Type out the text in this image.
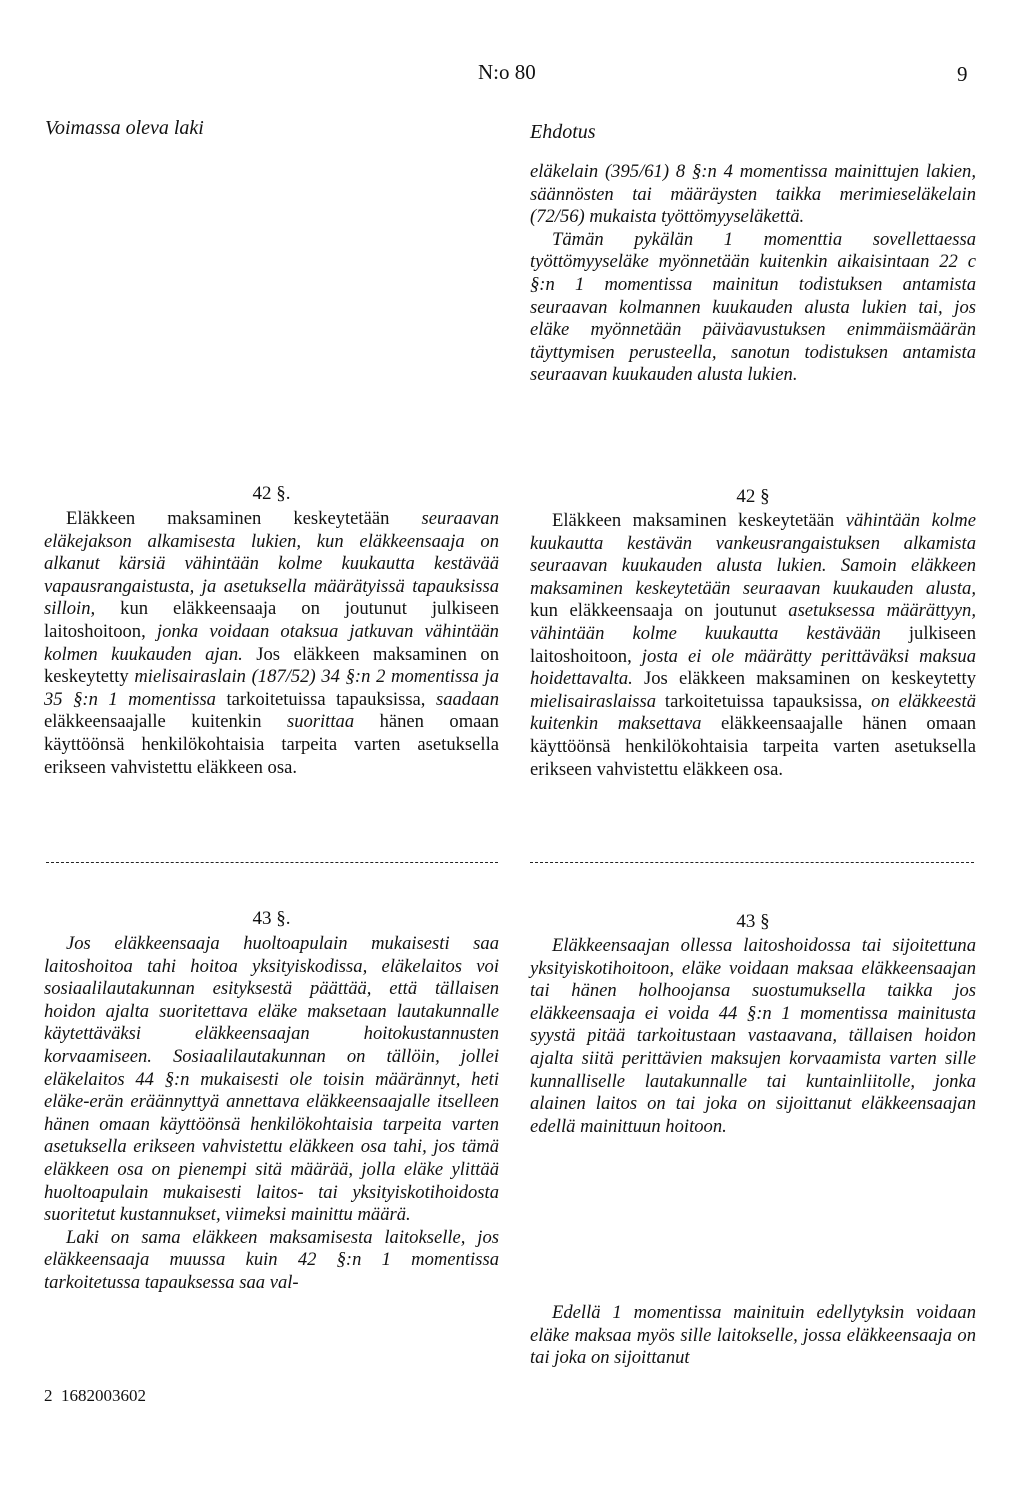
N:o 80	9
Voimassa oleva laki	Ehdotus

eläkelain (395/61) 8 §:n 4 momentissa mainittujen lakien, säännösten tai määräysten taikka merimieseläkelain (72/56) mukaista työttömyyseläkettä.

Tämän pykälän 1 momenttia sovellettaessa työttömyyseläke myönnetään kuitenkin aikaisintaan 22 c §:n 1 momentissa mainitun todistuksen antamista seuraavan kolmannen kuukauden alusta lukien tai, jos eläke myönnetään päiväavustuksen enimmäismäärän täyttymisen perusteella, sanotun todistuksen antamista seuraavan kuukauden alusta lukien.

42 §.	42 §

Eläkkeen maksaminen keskeytetään seuraavan eläkejakson alkamisesta lukien, kun eläkkeensaaja on alkanut kärsiä vähintään kolme kuukautta kestävää vapausrangaistusta, ja asetuksella määrätyissä tapauksissa silloin, kun eläkkeensaaja on joutunut julkiseen laitoshoitoon, jonka voidaan otaksua jatkuvan vähintään kolmen kuukauden ajan. Jos eläkkeen maksaminen on keskeytetty mielisairaslain (187/52) 34 §:n 2 momentissa ja 35 §:n 1 momentissa tarkoitetuissa tapauksissa, saadaan eläkkeensaajalle kuitenkin suorittaa hänen omaan käyttöönsä henkilökohtaisia tarpeita varten asetuksella erikseen vahvistettu eläkkeen osa.

Eläkkeen maksaminen keskeytetään vähintään kolme kuukautta kestävän vankeusrangaistuksen alkamista seuraavan kuukauden alusta lukien. Samoin eläkkeen maksaminen keskeytetään seuraavan kuukauden alusta, kun eläkkeensaaja on joutunut asetuksessa määrättyyn, vähintään kolme kuukautta kestävään julkiseen laitoshoitoon, josta ei ole määrätty perittäväksi maksua hoidettavalta. Jos eläkkeen maksaminen on keskeytetty mielisairaslaissa tarkoitetuissa tapauksissa, on eläkkeestä kuitenkin maksettava eläkkeensaajalle hänen omaan käyttöönsä henkilökohtaisia tarpeita varten asetuksella erikseen vahvistettu eläkkeen osa.

43 §.	43 §

Jos eläkkeensaaja huoltoapulain mukaisesti saa laitoshoitoa tahi hoitoa yksityiskodissa, eläkelaitos voi sosiaalilautakunnan esityksestä päättää, että tällaisen hoidon ajalta suoritettava eläke maksetaan lautakunnalle käytettäväksi eläkkeensaajan hoitokustannusten korvaamiseen. Sosiaalilautakunnan on tällöin, jollei eläkelaitos 44 §:n mukaisesti ole toisin määrännyt, heti eläke-erän eräännyttyä annettava eläkkeensaajalle itselleen hänen omaan käyttöönsä henkilökohtaisia tarpeita varten asetuksella erikseen vahvistettu eläkkeen osa tahi, jos tämä eläkkeen osa on pienempi sitä määrää, jolla eläke ylittää huoltoapulain mukaisesti laitos- tai yksityiskotihoidosta suoritetut kustannukset, viimeksi mainittu määrä.

Laki on sama eläkkeen maksamisesta laitokselle, jos eläkkeensaaja muussa kuin 42 §:n 1 momentissa tarkoitetussa tapauksessa saa val-

Eläkkeensaajan ollessa laitoshoidossa tai sijoitettuna yksityiskotihoitoon, eläke voidaan maksaa eläkkeensaajan tai hänen holhoojansa suostumuksella taikka jos eläkkeensaaja ei voida 44 §:n 1 momentissa mainitusta syystä pitää tarkoitustaan vastaavana, tällaisen hoidon ajalta siitä perittävien maksujen korvaamista varten sille kunnalliselle lautakunnalle tai kuntainliitolle, jonka alainen laitos on tai joka on sijoittanut eläkkeensaajan edellä mainittuun hoitoon.

Edellä 1 momentissa mainituin edellytyksin voidaan eläke maksaa myös sille laitokselle, jossa eläkkeensaaja on tai joka on sijoittanut

2  1682003602
